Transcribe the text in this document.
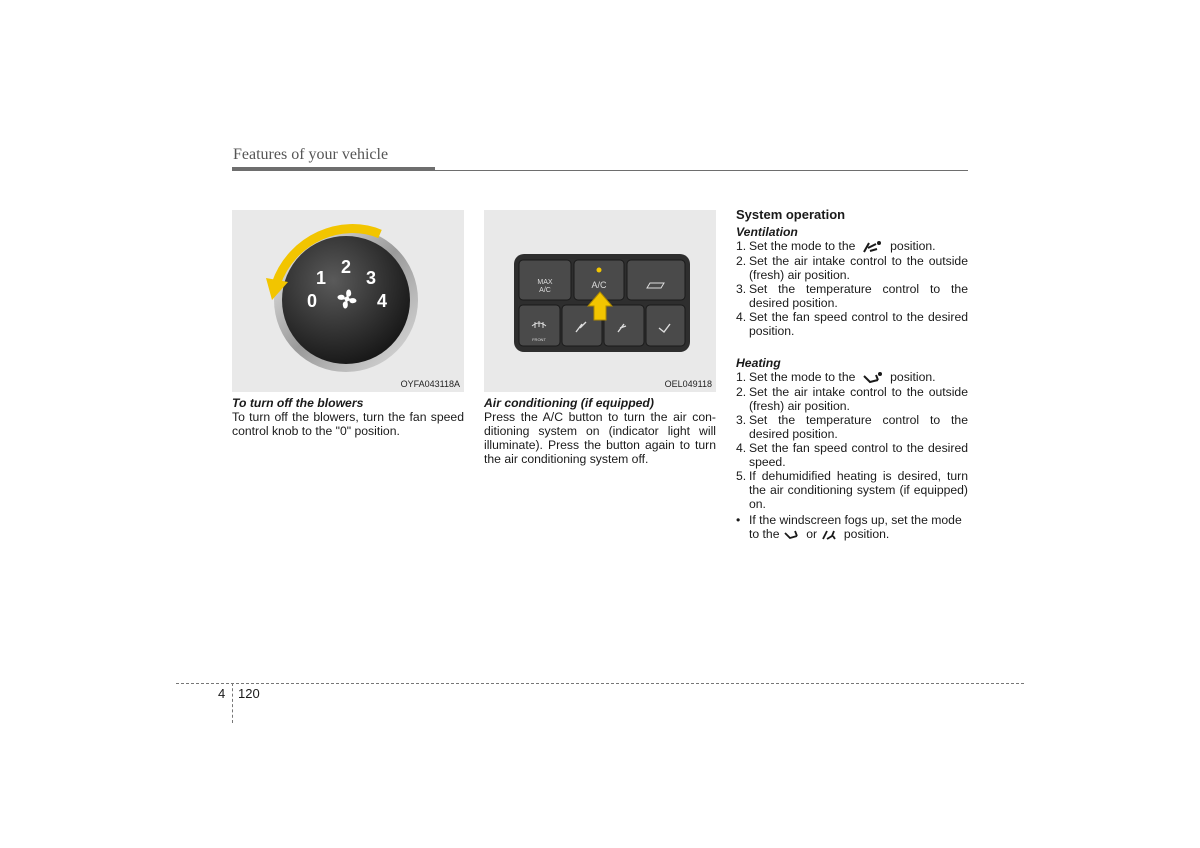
Features of your vehicle
0
1
2
3
4
OYFA043118A

To turn off the blowers

To turn off the blowers, turn the fan speed control knob to the "0" position.

MAX
A/C
A/C
FRONT
OEL049118

Air conditioning (if equipped)

Press the A/C button to turn the air con-ditioning system on (indicator light will illuminate). Press the button again to turn the air conditioning system off.

System operation
Ventilation
1. Set the mode to the	position.
2. Set the air intake control to the outside (fresh) air position.
3. Set the temperature control to the desired position.
4. Set the fan speed control to the desired position.
Heating
1. Set the mode to the	position.
2. Set the air intake control to the outside (fresh) air position.
3. Set the temperature control to the desired position.
4. Set the fan speed control to the desired speed.
5. If dehumidified heating is desired, turn the air conditioning system (if equipped) on.
• If the windscreen fogs up, set the mode to the or position.
4 120
